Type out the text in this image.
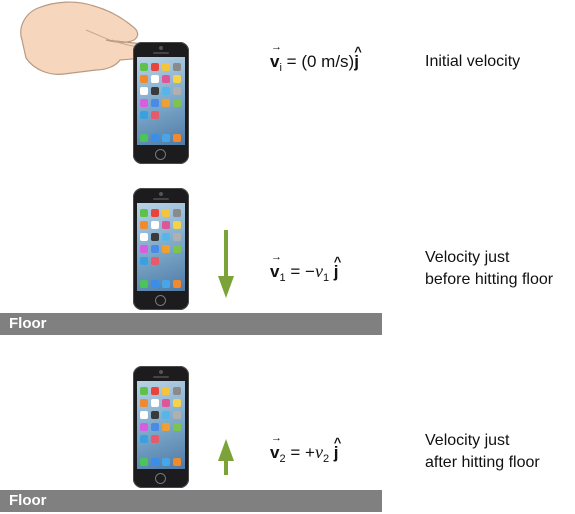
Floor
Floor
→ $v_i = (0$ m/s)^ j	Initial velocity
→ $v_1 = -v_1$ ^ j
Velocity just
before hitting floor
→ $v_2 = +v_2$ ^ j
Velocity just
after hitting floor
